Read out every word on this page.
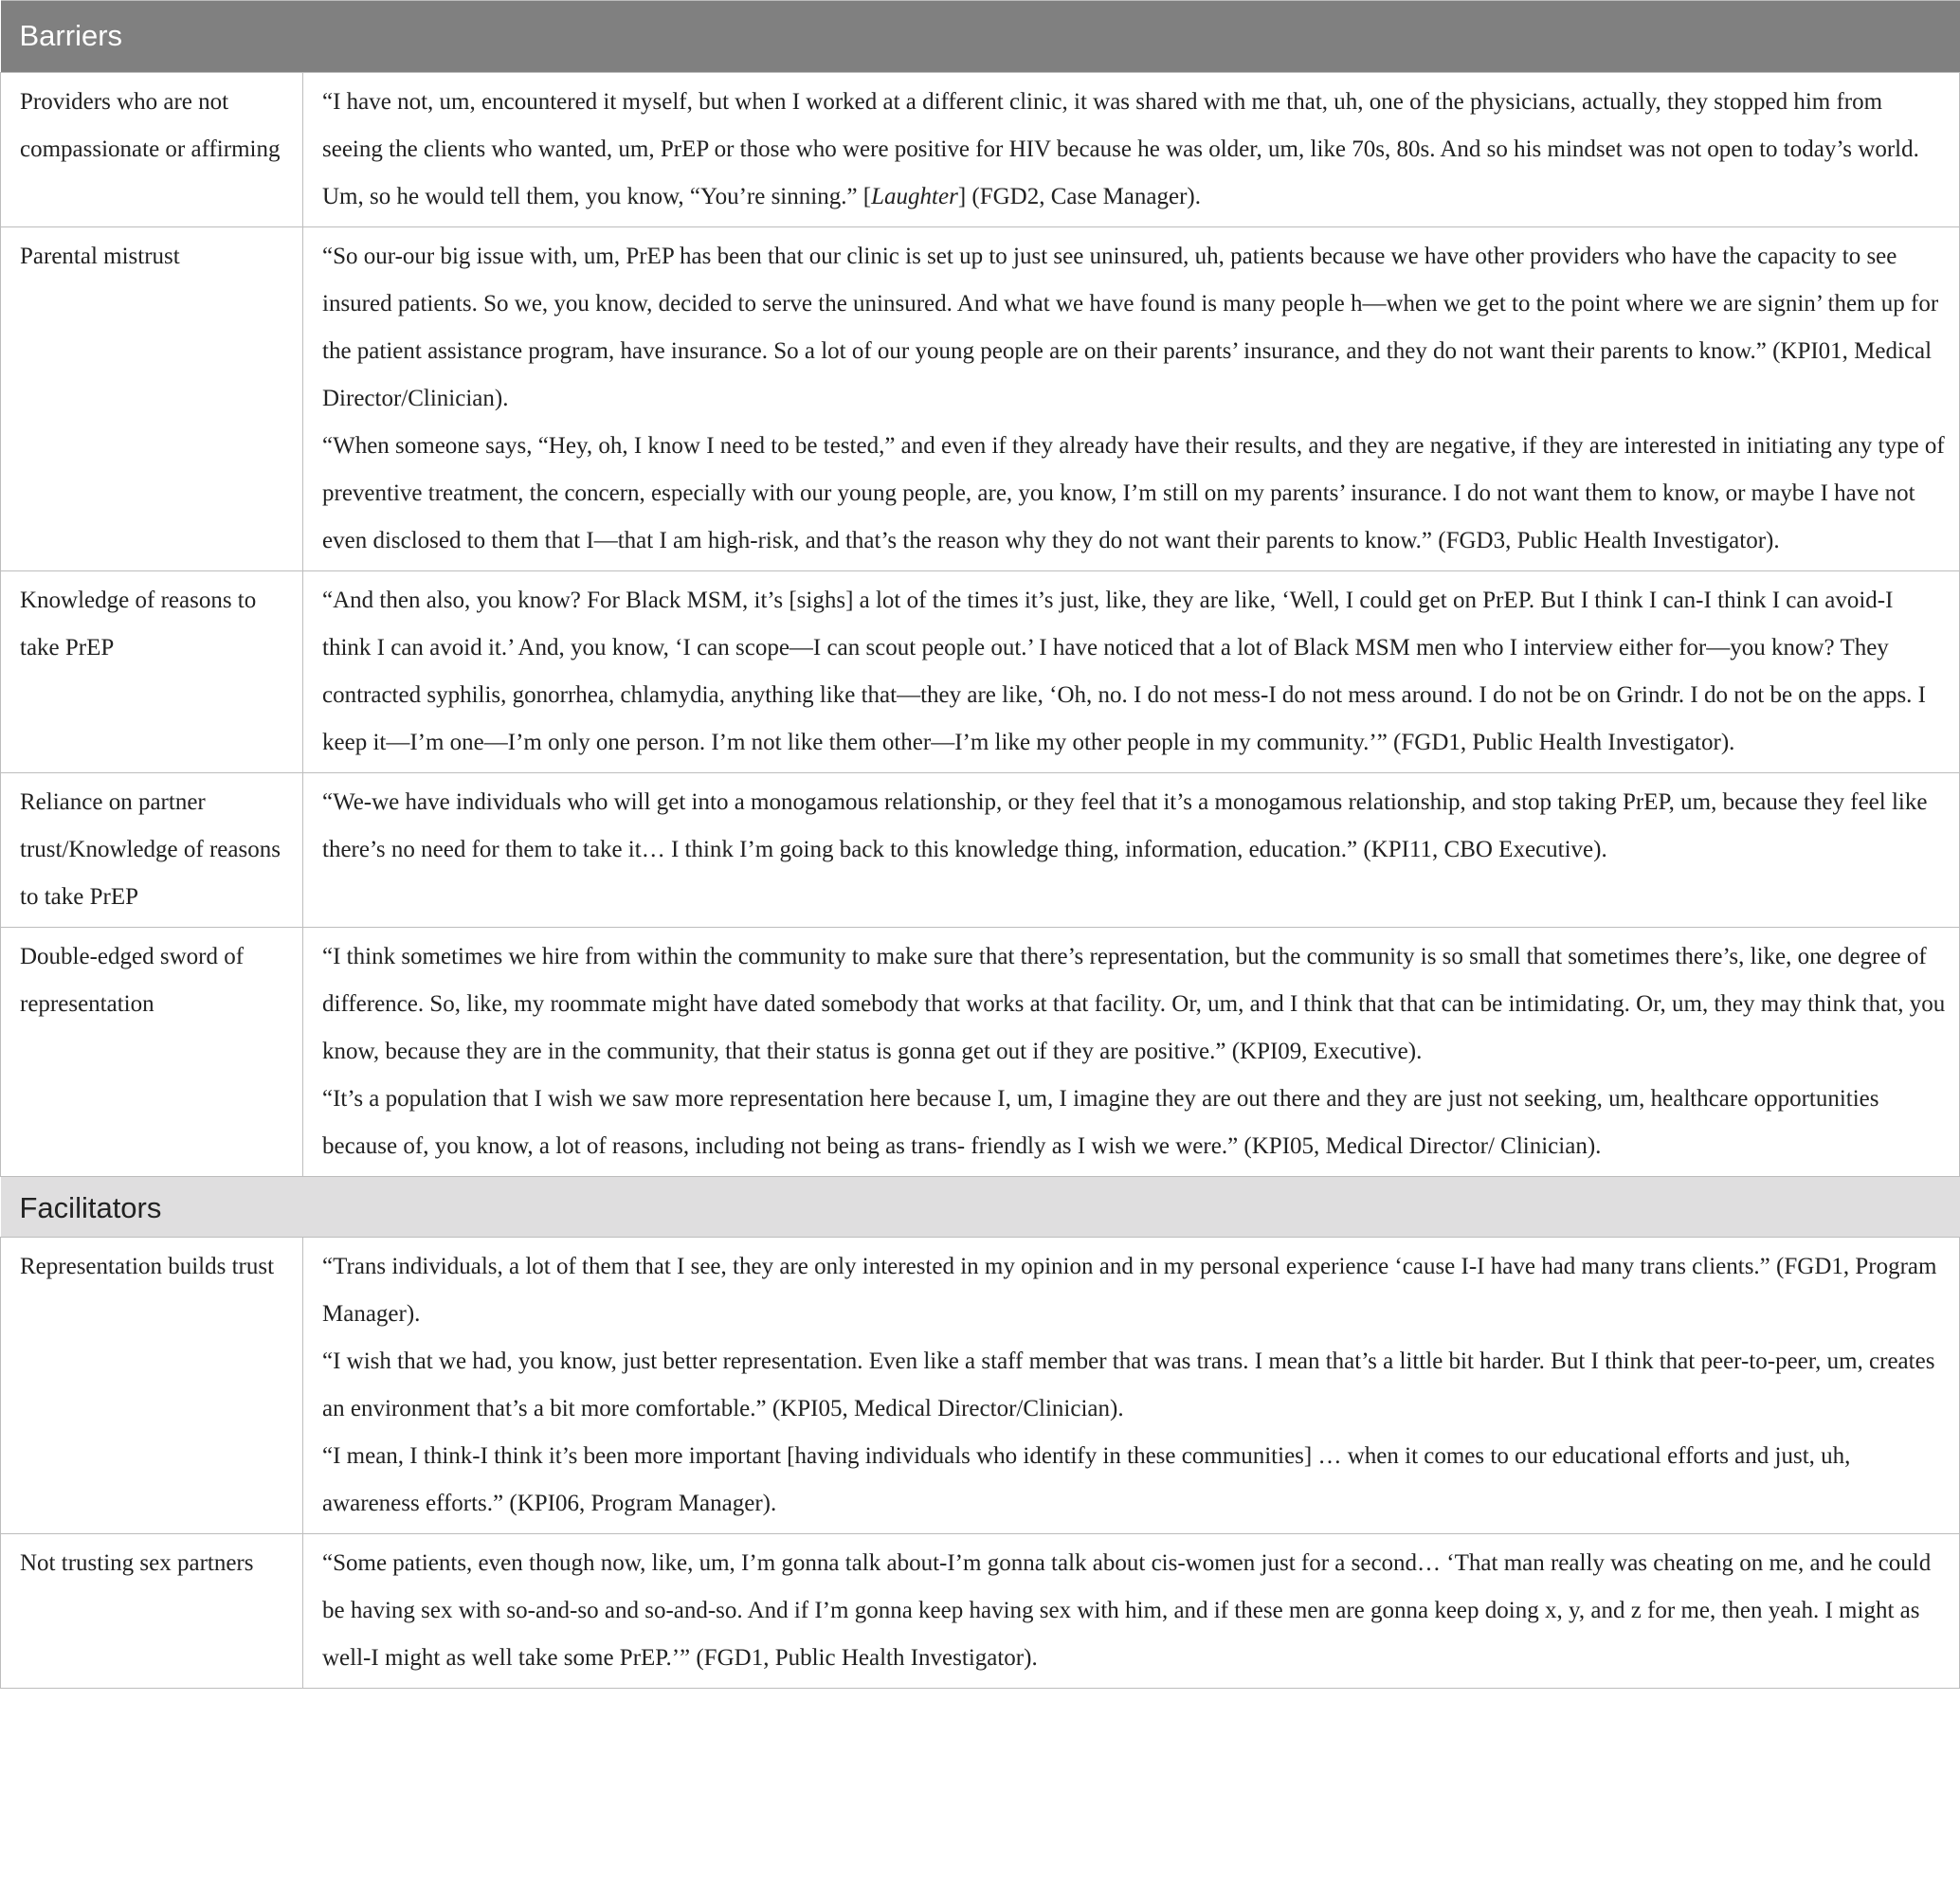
Barriers	
Providers who are not compassionate or affirming	“I have not, um, encountered it myself, but when I worked at a different clinic, it was shared with me that, uh, one of the physicians, actually, they stopped him from seeing the clients who wanted, um, PrEP or those who were positive for HIV because he was older, um, like 70s, 80s. And so his mindset was not open to today’s world. Um, so he would tell them, you know, “You’re sinning.” [Laughter] (FGD2, Case Manager).

Parental mistrust	“So our-our big issue with, um, PrEP has been that our clinic is set up to just see uninsured, uh, patients because we have other providers who have the capacity to see insured patients. So we, you know, decided to serve the uninsured. And what we have found is many people h—when we get to the point where we are signin’ them up for the patient assistance program, have insurance. So a lot of our young people are on their parents’ insurance, and they do not want their parents to know.” (KPI01, Medical Director/Clinician).

“When someone says, “Hey, oh, I know I need to be tested,” and even if they already have their results, and they are negative, if they are interested in initiating any type of preventive treatment, the concern, especially with our young people, are, you know, I’m still on my parents’ insurance. I do not want them to know, or maybe I have not even disclosed to them that I—that I am high-risk, and that’s the reason why they do not want their parents to know.” (FGD3, Public Health Investigator).

Knowledge of reasons to take PrEP	“And then also, you know? For Black MSM, it’s [sighs] a lot of the times it’s just, like, they are like, ‘Well, I could get on PrEP. But I think I can-I think I can avoid-I think I can avoid it.’ And, you know, ‘I can scope—I can scout people out.’ I have noticed that a lot of Black MSM men who I interview either for—you know? They contracted syphilis, gonorrhea, chlamydia, anything like that—they are like, ‘Oh, no. I do not mess-I do not mess around. I do not be on Grindr. I do not be on the apps. I keep it—I’m one—I’m only one person. I’m not like them other—I’m like my other people in my community.’” (FGD1, Public Health Investigator).

Reliance on partner trust/Knowledge of reasons to take PrEP	“We-we have individuals who will get into a monogamous relationship, or they feel that it’s a monogamous relationship, and stop taking PrEP, um, because they feel like there’s no need for them to take it… I think I’m going back to this knowledge thing, information, education.” (KPI11, CBO Executive).

Double-edged sword of representation	“I think sometimes we hire from within the community to make sure that there’s representation, but the community is so small that sometimes there’s, like, one degree of difference. So, like, my roommate might have dated somebody that works at that facility. Or, um, and I think that that can be intimidating. Or, um, they may think that, you know, because they are in the community, that their status is gonna get out if they are positive.” (KPI09, Executive).

“It’s a population that I wish we saw more representation here because I, um, I imagine they are out there and they are just not seeking, um, healthcare opportunities because of, you know, a lot of reasons, including not being as trans- friendly as I wish we were.” (KPI05, Medical Director/ Clinician).

Facilitators	
Representation builds trust	“Trans individuals, a lot of them that I see, they are only interested in my opinion and in my personal experience ‘cause I-I have had many trans clients.” (FGD1, Program Manager).

“I wish that we had, you know, just better representation. Even like a staff member that was trans. I mean that’s a little bit harder. But I think that peer-to-peer, um, creates an environment that’s a bit more comfortable.” (KPI05, Medical Director/Clinician).

“I mean, I think-I think it’s been more important [having individuals who identify in these communities] … when it comes to our educational efforts and just, uh, awareness efforts.” (KPI06, Program Manager).

Not trusting sex partners	“Some patients, even though now, like, um, I’m gonna talk about-I’m gonna talk about cis-women just for a second… ‘That man really was cheating on me, and he could be having sex with so-and-so and so-and-so. And if I’m gonna keep having sex with him, and if these men are gonna keep doing x, y, and z for me, then yeah. I might as well-I might as well take some PrEP.’” (FGD1, Public Health Investigator).
